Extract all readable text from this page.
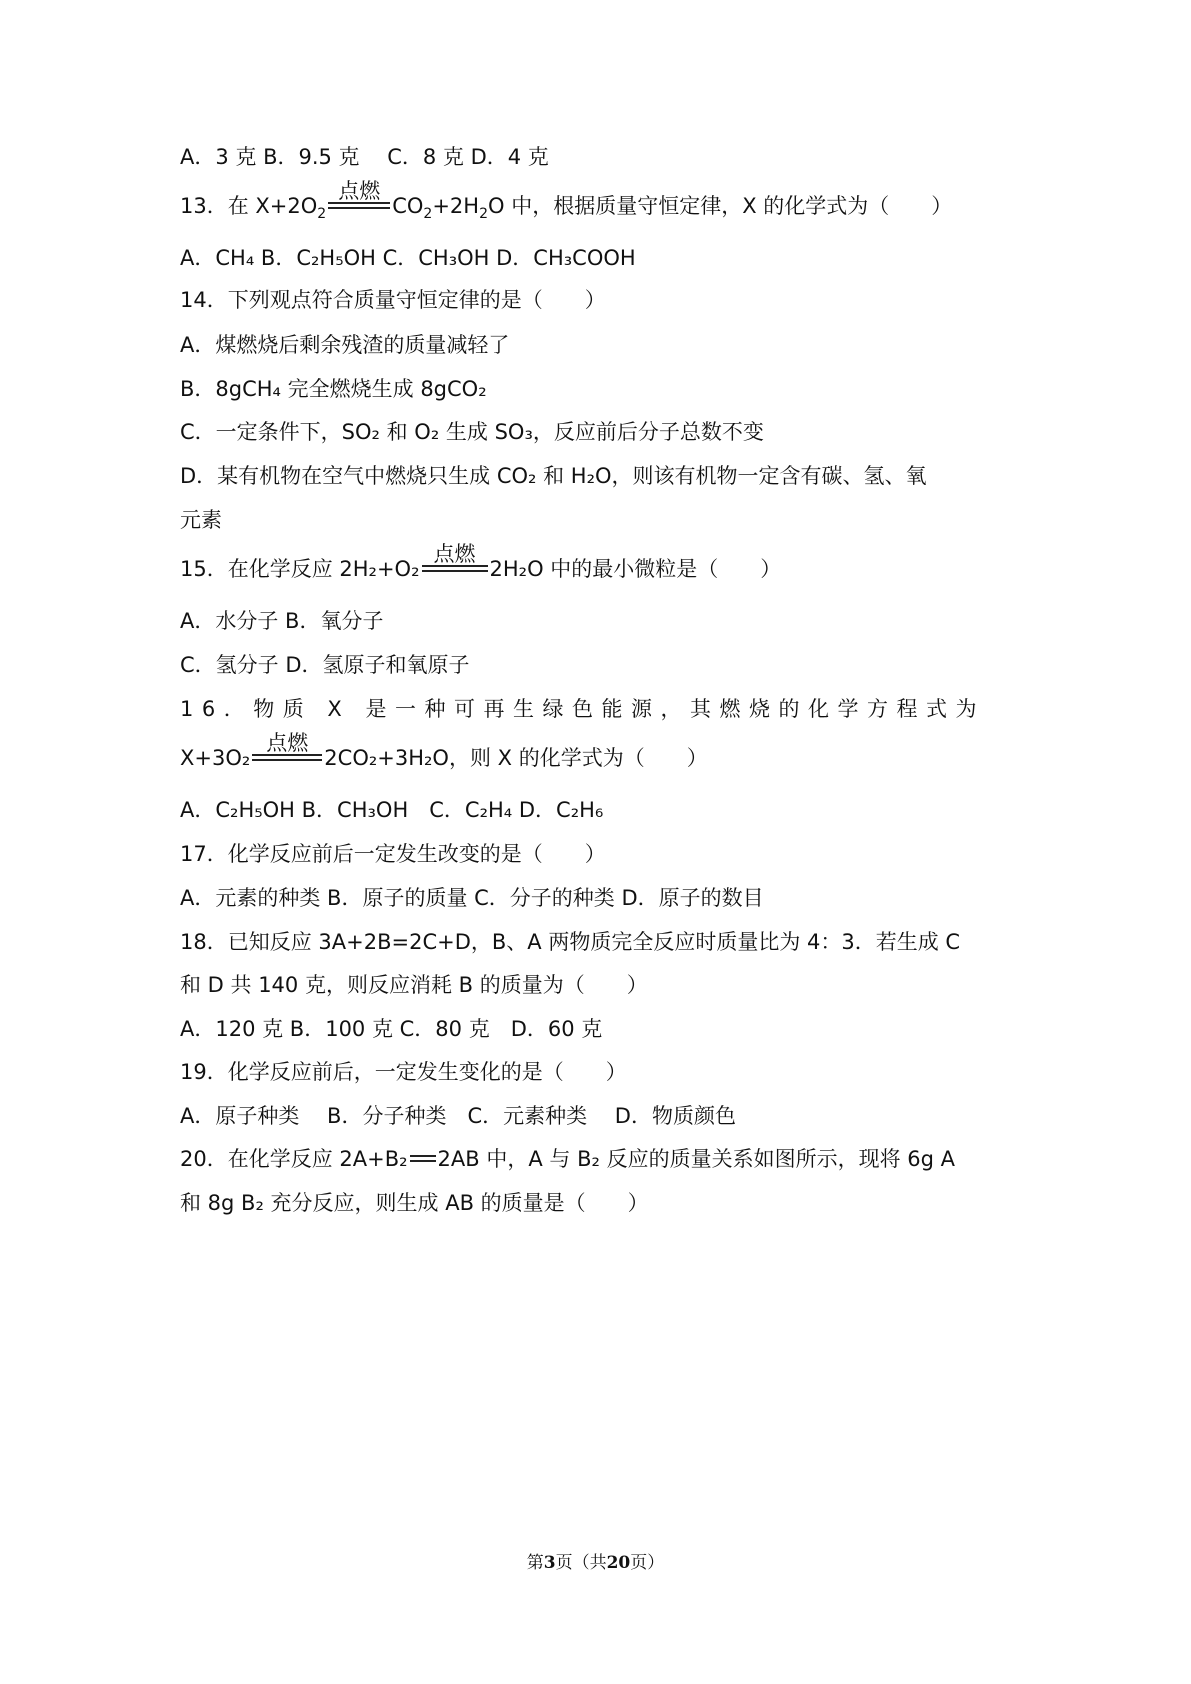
A．3 克 B．9.5 克　 C．8 克 D．4 克
13．在 $X+2O_2$
点燃
$CO_2+2H_2O$ 中，根据质量守恒定律，X 的化学式为（　　）
A．CH₄ B．C₂H₅OH C．CH₃OH D．CH₃COOH
14．下列观点符合质量守恒定律的是（　　）
A．煤燃烧后剩余残渣的质量减轻了
B．8gCH₄ 完全燃烧生成 8gCO₂
C．一定条件下，SO₂ 和 O₂ 生成 SO₃，反应前后分子总数不变
D．某有机物在空气中燃烧只生成 CO₂ 和 H₂O，则该有机物一定含有碳、氢、氧
元素
15．在化学反应 2H₂+O₂
点燃
2H₂O 中的最小微粒是（　　）
A．水分子 B．氧分子
C．氢分子 D．氢原子和氧原子
16．物质 X 是一种可再生绿色能源，其燃烧的化学方程式为
X+3O₂
点燃
2CO₂+3H₂O，则 X 的化学式为（　　）
A．C₂H₅OH B．CH₃OH　C．C₂H₄ D．C₂H₆
17．化学反应前后一定发生改变的是（　　）
A．元素的种类 B．原子的质量 C．分子的种类 D．原子的数目
18．已知反应 3A+2B=2C+D，B、A 两物质完全反应时质量比为 4：3．若生成 C
和 D 共 140 克，则反应消耗 B 的质量为（　　）
A．120 克 B．100 克 C．80 克　D．60 克
19．化学反应前后，一定发生变化的是（　　）
A．原子种类　 B．分子种类　C．元素种类　 D．物质颜色
20．在化学反应 2A+B₂ 2AB 中，A 与 B₂ 反应的质量关系如图所示，现将 6g A
和 8g B₂ 充分反应，则生成 AB 的质量是（　　）
第3页（共20页）
